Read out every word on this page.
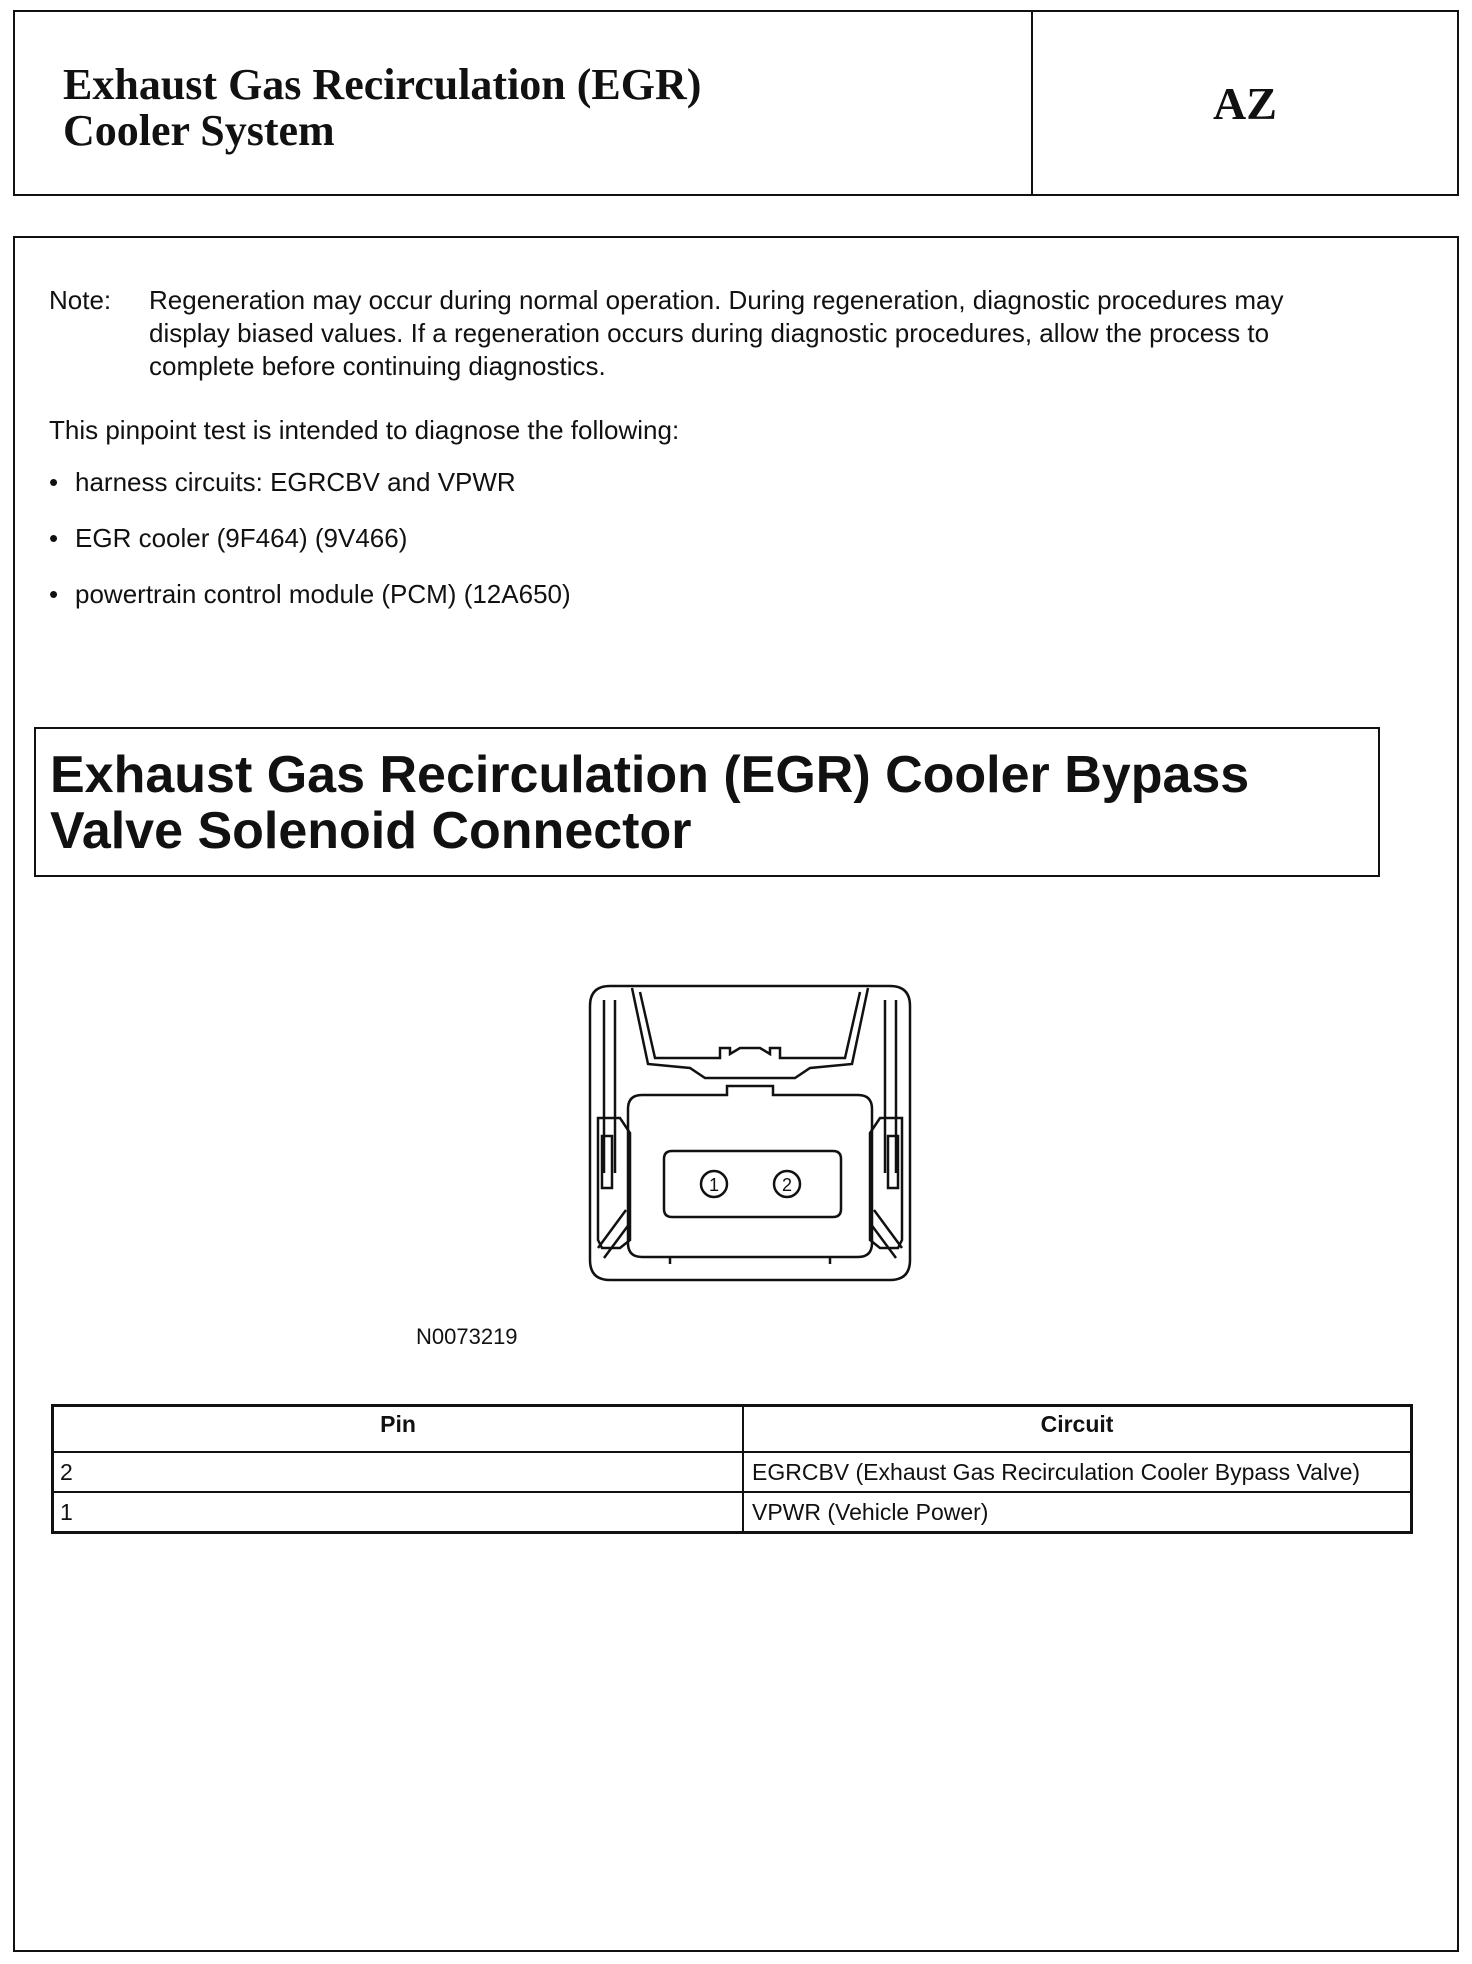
Exhaust Gas Recirculation (EGR)
Cooler System
AZ
Note:	Regeneration may occur during normal operation. During regeneration, diagnostic procedures may display biased values. If a regeneration occurs during diagnostic procedures, allow the process to complete before continuing diagnostics.
This pinpoint test is intended to diagnose the following:
• harness circuits: EGRCBV and VPWR
• EGR cooler (9F464) (9V466)
• powertrain control module (PCM) (12A650)
Exhaust Gas Recirculation (EGR) Cooler Bypass Valve Solenoid Connector
1	2
N0073219
Pin	Circuit
2	EGRCBV (Exhaust Gas Recirculation Cooler Bypass Valve)
1	VPWR (Vehicle Power)
